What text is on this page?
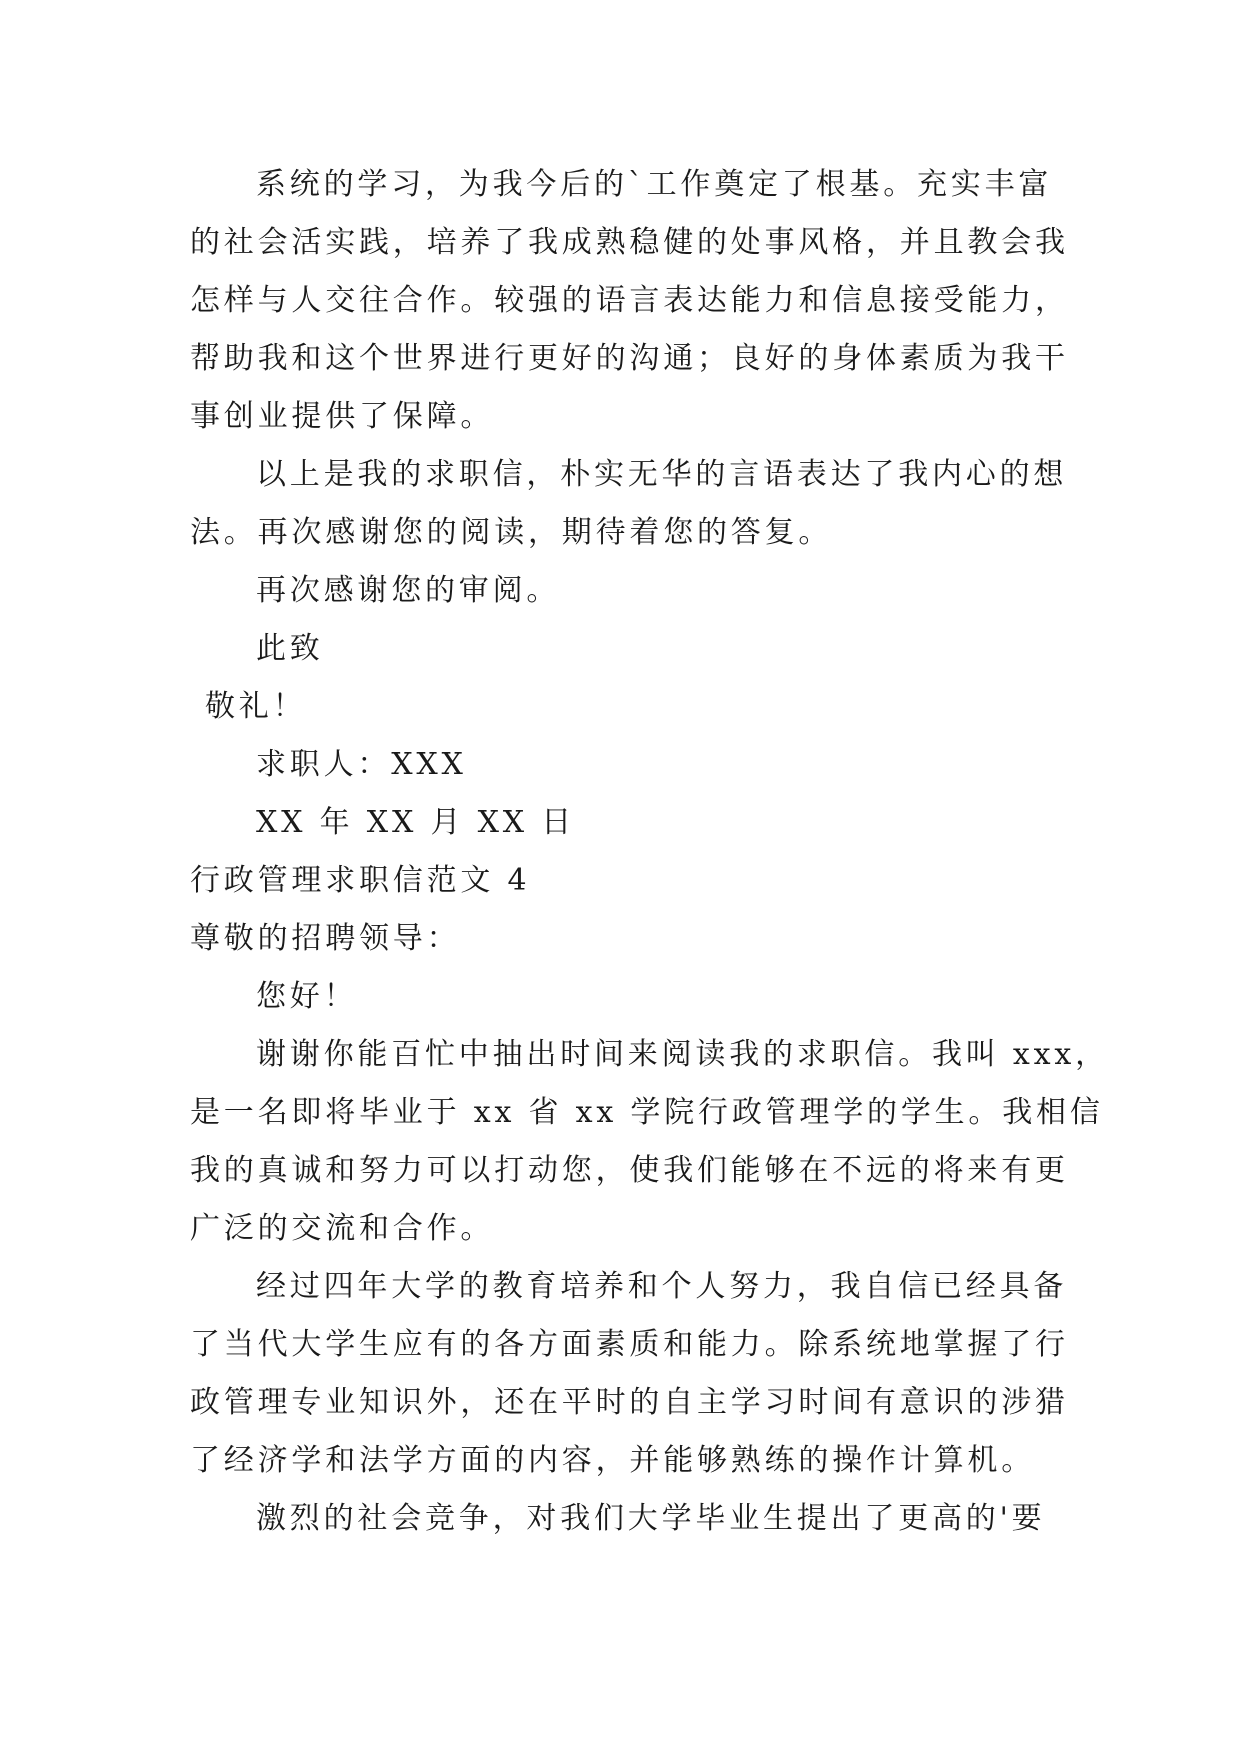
系统的学习，为我今后的`工作奠定了根基。充实丰富
的社会活实践，培养了我成熟稳健的处事风格，并且教会我
怎样与人交往合作。较强的语言表达能力和信息接受能力，
帮助我和这个世界进行更好的沟通；良好的身体素质为我干
事创业提供了保障。
以上是我的求职信，朴实无华的言语表达了我内心的想
法。再次感谢您的阅读，期待着您的答复。
再次感谢您的审阅。
此致
敬礼！
求职人：XXX
XX 年 XX 月 XX 日
行政管理求职信范文 4
尊敬的招聘领导：
您好！
谢谢你能百忙中抽出时间来阅读我的求职信。我叫 xxx，
是一名即将毕业于 xx 省 xx 学院行政管理学的学生。我相信
我的真诚和努力可以打动您，使我们能够在不远的将来有更
广泛的交流和合作。
经过四年大学的教育培养和个人努力，我自信已经具备
了当代大学生应有的各方面素质和能力。除系统地掌握了行
政管理专业知识外，还在平时的自主学习时间有意识的涉猎
了经济学和法学方面的内容，并能够熟练的操作计算机。
激烈的社会竞争，对我们大学毕业生提出了更高的'要
